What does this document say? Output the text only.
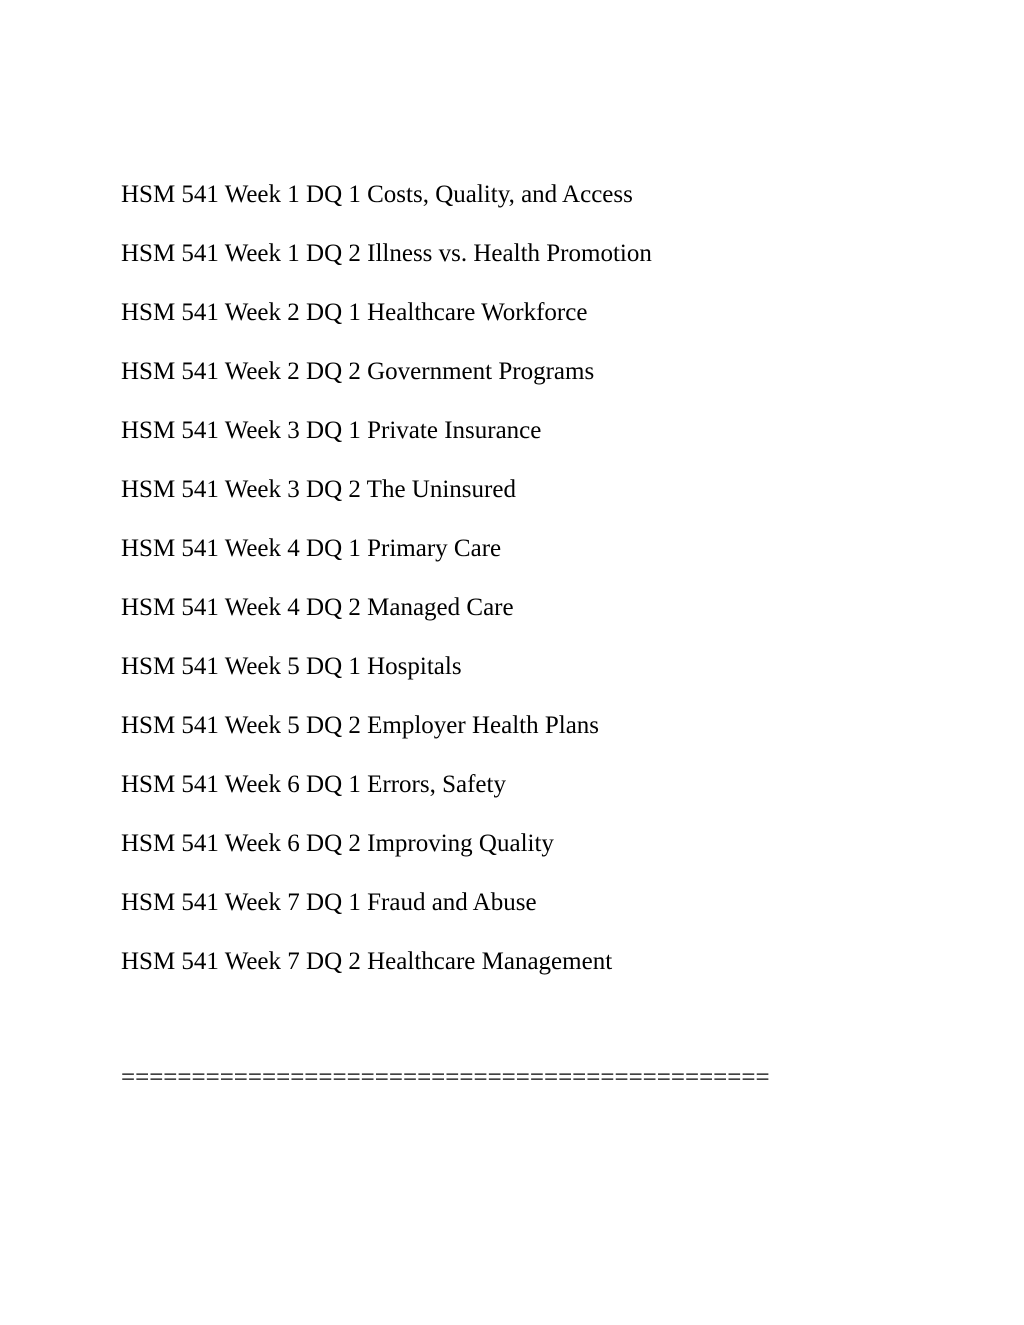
HSM 541 Week 1 DQ 1 Costs, Quality, and Access
HSM 541 Week 1 DQ 2 Illness vs. Health Promotion
HSM 541 Week 2 DQ 1 Healthcare Workforce
HSM 541 Week 2 DQ 2 Government Programs
HSM 541 Week 3 DQ 1 Private Insurance
HSM 541 Week 3 DQ 2 The Uninsured
HSM 541 Week 4 DQ 1 Primary Care
HSM 541 Week 4 DQ 2 Managed Care
HSM 541 Week 5 DQ 1 Hospitals
HSM 541 Week 5 DQ 2 Employer Health Plans
HSM 541 Week 6 DQ 1 Errors, Safety
HSM 541 Week 6 DQ 2 Improving Quality
HSM 541 Week 7 DQ 1 Fraud and Abuse
HSM 541 Week 7 DQ 2 Healthcare Management
==============================================
